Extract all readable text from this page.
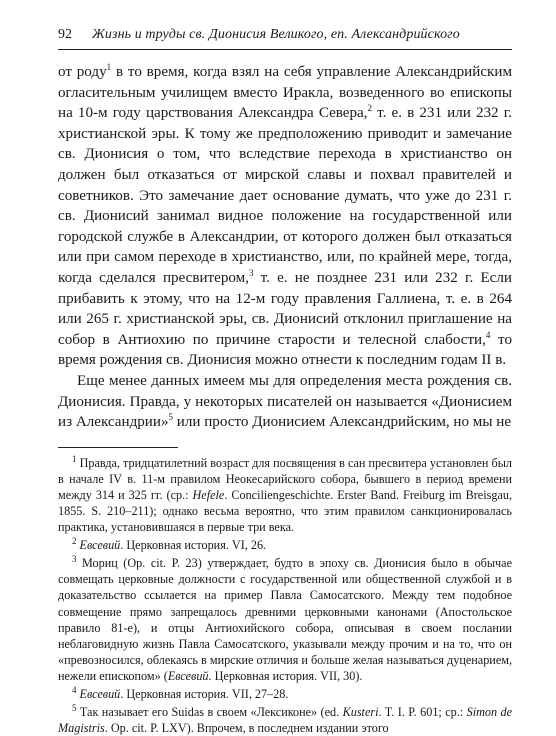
92	Жизнь и труды св. Дионисия Великого, еп. Александрийского

от роду$^1$ в то время, когда взял на себя управление Александрийским огласительным училищем вместо Иракла, возведенного во епископы на 10-м году царствования Александра Севера,$^2$ т. е. в 231 или 232 г. христианской эры. К тому же предположению приводит и замечание св. Дионисия о том, что вследствие перехода в христианство он должен был отказаться от мирской славы и похвал правителей и советников. Это замечание дает основание думать, что уже до 231 г. св. Дионисий занимал видное положение на государственной или городской службе в Александрии, от которого должен был отказаться или при самом переходе в христианство, или, по крайней мере, тогда, когда сделался пресвитером,$^3$ т. е. не позднее 231 или 232 г. Если прибавить к этому, что на 12-м году правления Галлиена, т. е. в 264 или 265 г. христианской эры, св. Дионисий отклонил приглашение на собор в Антиохию по причине старости и телесной слабости,$^4$ то время рождения св. Дионисия можно отнести к последним годам II в.

Еще менее данных имеем мы для определения места рождения св. Дионисия. Правда, у некоторых писателей он называется «Дионисием из Александрии»$^5$ или просто Дионисием Александрийским, но мы не

$^1$ Правда, тридцатилетний возраст для посвящения в сан пресвитера установлен был в начале IV в. 11-м правилом Неокесарийского собора, бывшего в период времени между 314 и 325 гг. (ср.: Hefele. Conciliengeschichte. Erster Band. Freiburg im Breisgau, 1855. S. 210–211); однако весьма вероятно, что этим правилом санкционировалась практика, установившаяся в первые три века.

$^2$ Евсевий. Церковная история. VI, 26.

$^3$ Мориц (Op. cit. P. 23) утверждает, будто в эпоху св. Дионисия было в обычае совмещать церковные должности с государственной или общественной службой и в доказательство ссылается на пример Павла Самосатского. Между тем подобное совмещение прямо запрещалось древними церковными канонами (Апостольское правило 81-е), и отцы Антиохийского собора, описывая в своем послании неблаговидную жизнь Павла Самосатского, указывали между прочим и на то, что он «превозносился, облекаясь в мирские отличия и больше желая называться дуценарием, нежели епископом» (Евсевий. Церковная история. VII, 30).

$^4$ Евсевий. Церковная история. VII, 27–28.

$^5$ Так называет его Suidas в своем «Лексиконе» (ed. Kusteri. T. I. P. 601; ср.: Simon de Magistris. Op. cit. P. LXV). Впрочем, в последнем издании этого
